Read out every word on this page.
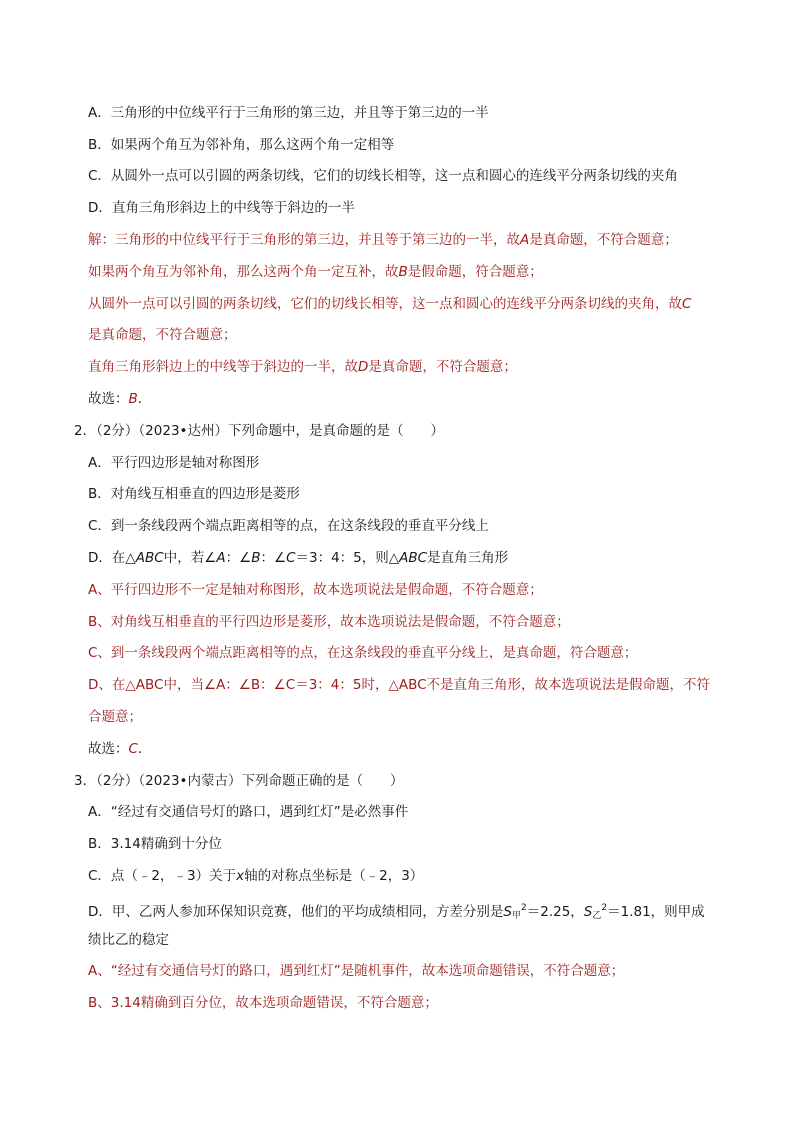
A．三角形的中位线平行于三角形的第三边，并且等于第三边的一半
B．如果两个角互为邻补角，那么这两个角一定相等
C．从圆外一点可以引圆的两条切线，它们的切线长相等，这一点和圆心的连线平分两条切线的夹角
D．直角三角形斜边上的中线等于斜边的一半
解：三角形的中位线平行于三角形的第三边，并且等于第三边的一半，故A是真命题，不符合题意；
如果两个角互为邻补角，那么这两个角一定互补，故B是假命题，符合题意；
从圆外一点可以引圆的两条切线，它们的切线长相等，这一点和圆心的连线平分两条切线的夹角，故C
是真命题，不符合题意；
直角三角形斜边上的中线等于斜边的一半，故D是真命题，不符合题意；
故选：B．
2．（2分）（2023•达州）下列命题中，是真命题的是（　　）
A．平行四边形是轴对称图形
B．对角线互相垂直的四边形是菱形
C．到一条线段两个端点距离相等的点，在这条线段的垂直平分线上
D．在△ABC中，若∠A：∠B：∠C＝3：4：5，则△ABC是直角三角形
A、平行四边形不一定是轴对称图形，故本选项说法是假命题，不符合题意；
B、对角线互相垂直的平行四边形是菱形，故本选项说法是假命题，不符合题意；
C、到一条线段两个端点距离相等的点，在这条线段的垂直平分线上，是真命题，符合题意；
D、在△ABC中，当∠A：∠B：∠C＝3：4：5时，△ABC不是直角三角形，故本选项说法是假命题，不符
合题意；
故选：C．
3．（2分）（2023•内蒙古）下列命题正确的是（　　）
A．“经过有交通信号灯的路口，遇到红灯”是必然事件
B．3.14精确到十分位
C．点（﹣2，﹣3）关于x轴的对称点坐标是（﹣2，3）
D．甲、乙两人参加环保知识竞赛，他们的平均成绩相同，方差分别是$S_甲^2=2.25$，$S_乙^2=1.81$，则甲成
绩比乙的稳定
A、“经过有交通信号灯的路口，遇到红灯”是随机事件，故本选项命题错误，不符合题意；
B、3.14精确到百分位，故本选项命题错误，不符合题意；
